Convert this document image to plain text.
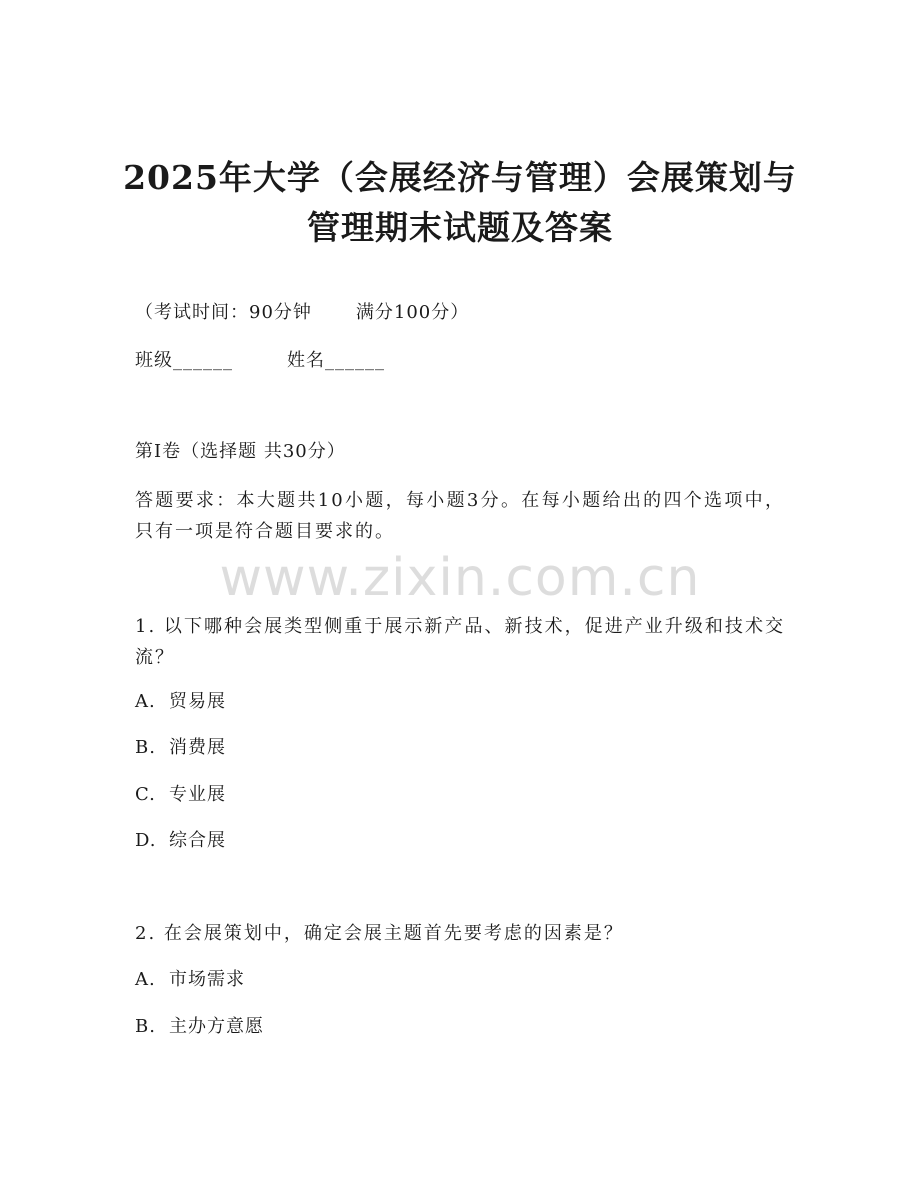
2025年大学（会展经济与管理）会展策划与
管理期末试题及答案
（考试时间：90分钟 满分100分）
班级______	姓名______
第I卷（选择题 共30分）
答题要求：本大题共10小题，每小题3分。在每小题给出的四个选项中，只有一项是符合题目要求的。
www.zixin.com.cn
1. 以下哪种会展类型侧重于展示新产品、新技术，促进产业升级和技术交流？
A. 贸易展
B. 消费展
C. 专业展
D. 综合展
2. 在会展策划中，确定会展主题首先要考虑的因素是？
A. 市场需求
B. 主办方意愿
